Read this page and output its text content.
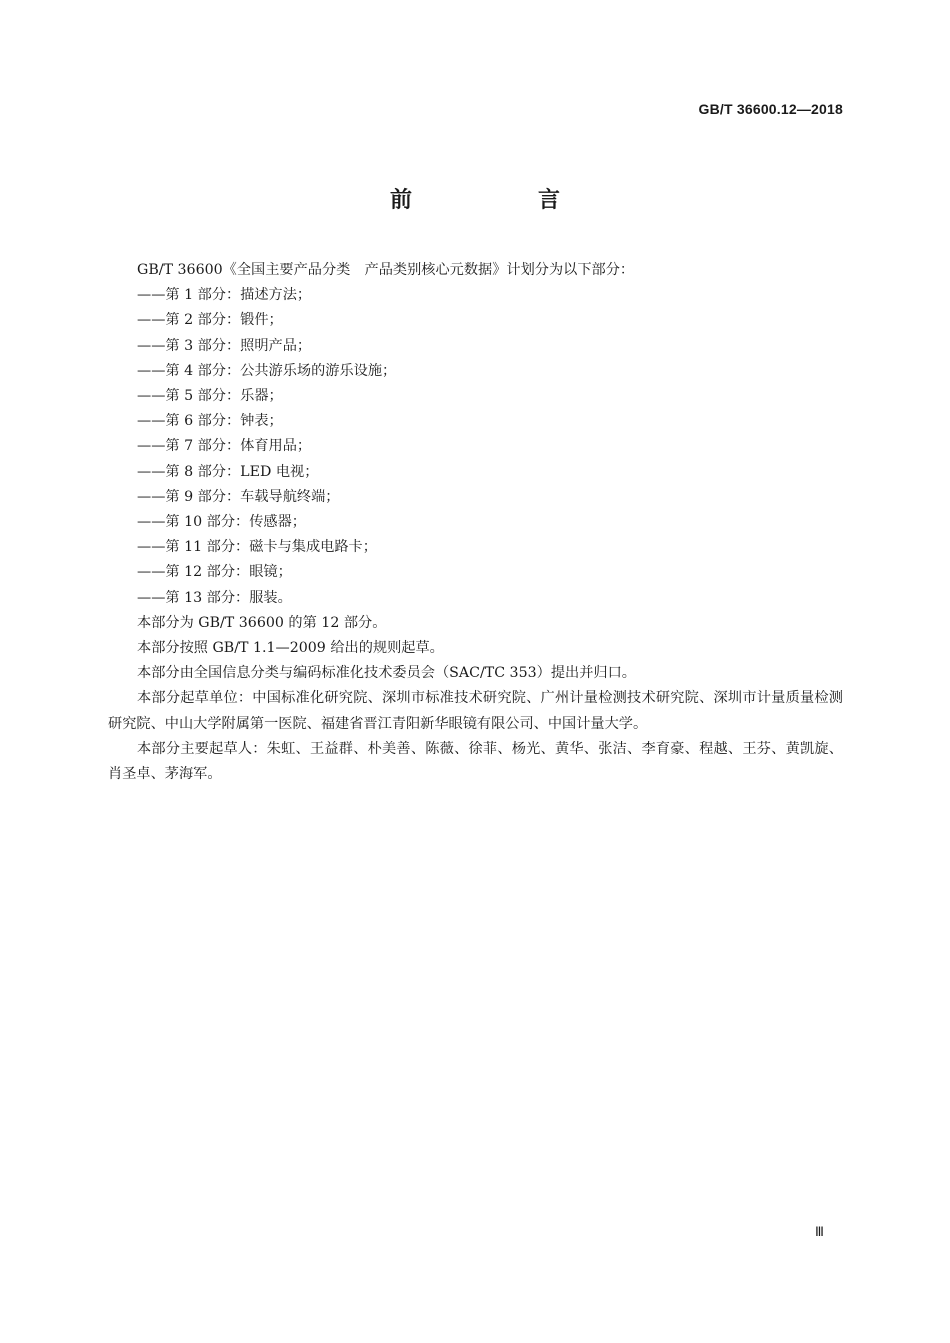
GB/T 36600.12—2018
前　言

GB/T 36600《全国主要产品分类　产品类别核心元数据》计划分为以下部分：

——第 1 部分：描述方法；
——第 2 部分：锻件；
——第 3 部分：照明产品；
——第 4 部分：公共游乐场的游乐设施；
——第 5 部分：乐器；
——第 6 部分：钟表；
——第 7 部分：体育用品；
——第 8 部分：LED 电视；
——第 9 部分：车载导航终端；
——第 10 部分：传感器；
——第 11 部分：磁卡与集成电路卡；
——第 12 部分：眼镜；
——第 13 部分：服装。

本部分为 GB/T 36600 的第 12 部分。

本部分按照 GB/T 1.1—2009 给出的规则起草。

本部分由全国信息分类与编码标准化技术委员会（SAC/TC 353）提出并归口。

本部分起草单位：中国标准化研究院、深圳市标准技术研究院、广州计量检测技术研究院、深圳市计量质量检测研究院、中山大学附属第一医院、福建省晋江青阳新华眼镜有限公司、中国计量大学。

本部分主要起草人：朱虹、王益群、朴美善、陈薇、徐菲、杨光、黄华、张洁、李育豪、程越、王芬、黄凯旋、肖圣卓、茅海军。

Ⅲ
